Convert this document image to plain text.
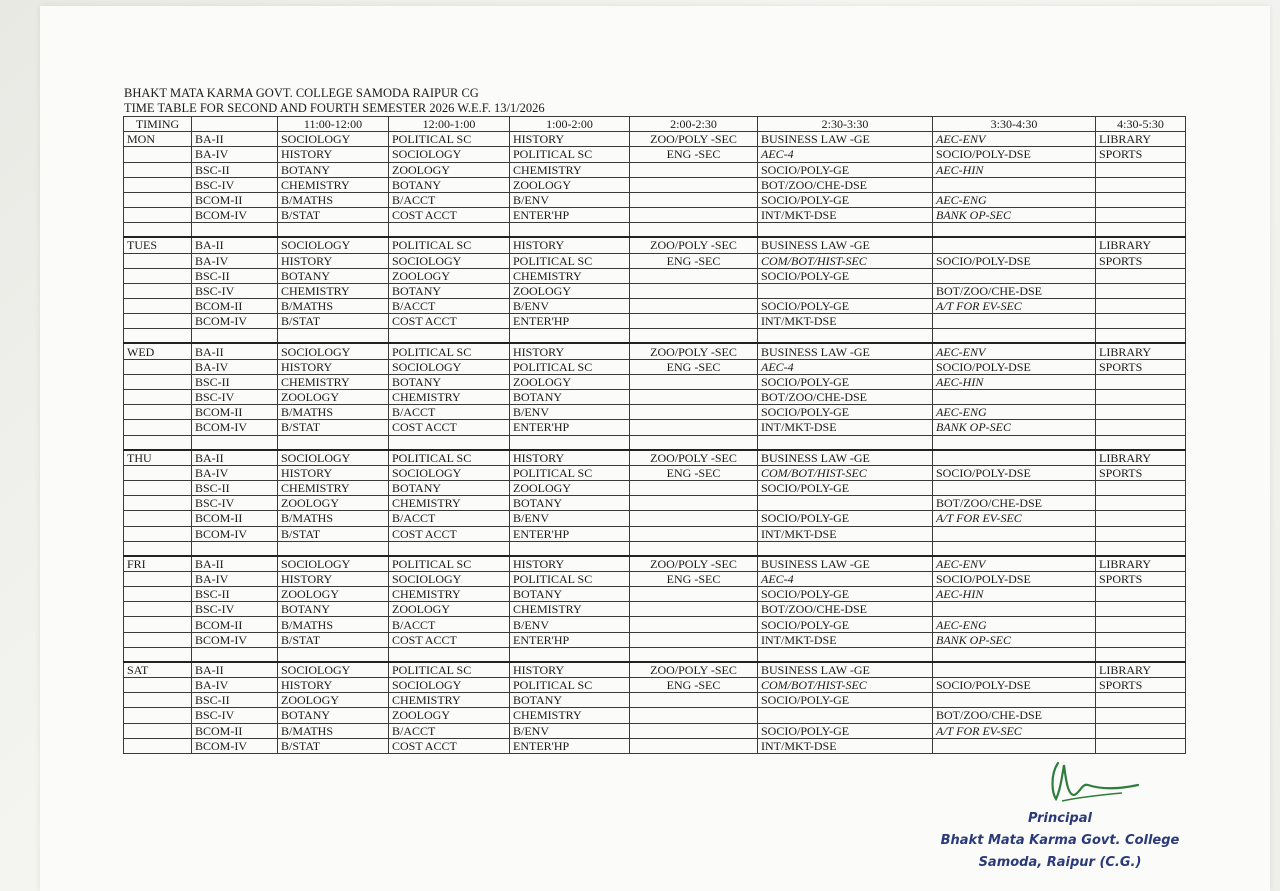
BHAKT MATA KARMA GOVT. COLLEGE SAMODA RAIPUR CG
TIME TABLE FOR SECOND AND FOURTH SEMESTER 2026 W.E.F. 13/1/2026
TIMING		11:00-12:00	12:00-1:00	1:00-2:00	2:00-2:30	2:30-3:30	3:30-4:30	4:30-5:30
MON	BA-II	SOCIOLOGY	POLITICAL SC	HISTORY	ZOO/POLY -SEC	BUSINESS LAW -GE	AEC-ENV	LIBRARY
	BA-IV	HISTORY	SOCIOLOGY	POLITICAL SC	ENG -SEC	AEC-4	SOCIO/POLY-DSE	SPORTS
	BSC-II	BOTANY	ZOOLOGY	CHEMISTRY		SOCIO/POLY-GE	AEC-HIN	
	BSC-IV	CHEMISTRY	BOTANY	ZOOLOGY		BOT/ZOO/CHE-DSE		
	BCOM-II	B/MATHS	B/ACCT	B/ENV		SOCIO/POLY-GE	AEC-ENG	
	BCOM-IV	B/STAT	COST ACCT	ENTER'HP		INT/MKT-DSE	BANK OP-SEC	

TUES	BA-II	SOCIOLOGY	POLITICAL SC	HISTORY	ZOO/POLY -SEC	BUSINESS LAW -GE		LIBRARY
	BA-IV	HISTORY	SOCIOLOGY	POLITICAL SC	ENG -SEC	COM/BOT/HIST-SEC	SOCIO/POLY-DSE	SPORTS
	BSC-II	BOTANY	ZOOLOGY	CHEMISTRY		SOCIO/POLY-GE		
	BSC-IV	CHEMISTRY	BOTANY	ZOOLOGY			BOT/ZOO/CHE-DSE	
	BCOM-II	B/MATHS	B/ACCT	B/ENV		SOCIO/POLY-GE	A/T FOR EV-SEC	
	BCOM-IV	B/STAT	COST ACCT	ENTER'HP		INT/MKT-DSE		

WED	BA-II	SOCIOLOGY	POLITICAL SC	HISTORY	ZOO/POLY -SEC	BUSINESS LAW -GE	AEC-ENV	LIBRARY
	BA-IV	HISTORY	SOCIOLOGY	POLITICAL SC	ENG -SEC	AEC-4	SOCIO/POLY-DSE	SPORTS
	BSC-II	CHEMISTRY	BOTANY	ZOOLOGY		SOCIO/POLY-GE	AEC-HIN	
	BSC-IV	ZOOLOGY	CHEMISTRY	BOTANY		BOT/ZOO/CHE-DSE		
	BCOM-II	B/MATHS	B/ACCT	B/ENV		SOCIO/POLY-GE	AEC-ENG	
	BCOM-IV	B/STAT	COST ACCT	ENTER'HP		INT/MKT-DSE	BANK OP-SEC	

THU	BA-II	SOCIOLOGY	POLITICAL SC	HISTORY	ZOO/POLY -SEC	BUSINESS LAW -GE		LIBRARY
	BA-IV	HISTORY	SOCIOLOGY	POLITICAL SC	ENG -SEC	COM/BOT/HIST-SEC	SOCIO/POLY-DSE	SPORTS
	BSC-II	CHEMISTRY	BOTANY	ZOOLOGY		SOCIO/POLY-GE		
	BSC-IV	ZOOLOGY	CHEMISTRY	BOTANY			BOT/ZOO/CHE-DSE	
	BCOM-II	B/MATHS	B/ACCT	B/ENV		SOCIO/POLY-GE	A/T FOR EV-SEC	
	BCOM-IV	B/STAT	COST ACCT	ENTER'HP		INT/MKT-DSE		

FRI	BA-II	SOCIOLOGY	POLITICAL SC	HISTORY	ZOO/POLY -SEC	BUSINESS LAW -GE	AEC-ENV	LIBRARY
	BA-IV	HISTORY	SOCIOLOGY	POLITICAL SC	ENG -SEC	AEC-4	SOCIO/POLY-DSE	SPORTS
	BSC-II	ZOOLOGY	CHEMISTRY	BOTANY		SOCIO/POLY-GE	AEC-HIN	
	BSC-IV	BOTANY	ZOOLOGY	CHEMISTRY		BOT/ZOO/CHE-DSE		
	BCOM-II	B/MATHS	B/ACCT	B/ENV		SOCIO/POLY-GE	AEC-ENG	
	BCOM-IV	B/STAT	COST ACCT	ENTER'HP		INT/MKT-DSE	BANK OP-SEC	

SAT	BA-II	SOCIOLOGY	POLITICAL SC	HISTORY	ZOO/POLY -SEC	BUSINESS LAW -GE		LIBRARY
	BA-IV	HISTORY	SOCIOLOGY	POLITICAL SC	ENG -SEC	COM/BOT/HIST-SEC	SOCIO/POLY-DSE	SPORTS
	BSC-II	ZOOLOGY	CHEMISTRY	BOTANY		SOCIO/POLY-GE		
	BSC-IV	BOTANY	ZOOLOGY	CHEMISTRY			BOT/ZOO/CHE-DSE	
	BCOM-II	B/MATHS	B/ACCT	B/ENV		SOCIO/POLY-GE	A/T FOR EV-SEC	
	BCOM-IV	B/STAT	COST ACCT	ENTER'HP		INT/MKT-DSE		
Principal
Bhakt Mata Karma Govt. College
Samoda, Raipur (C.G.)
